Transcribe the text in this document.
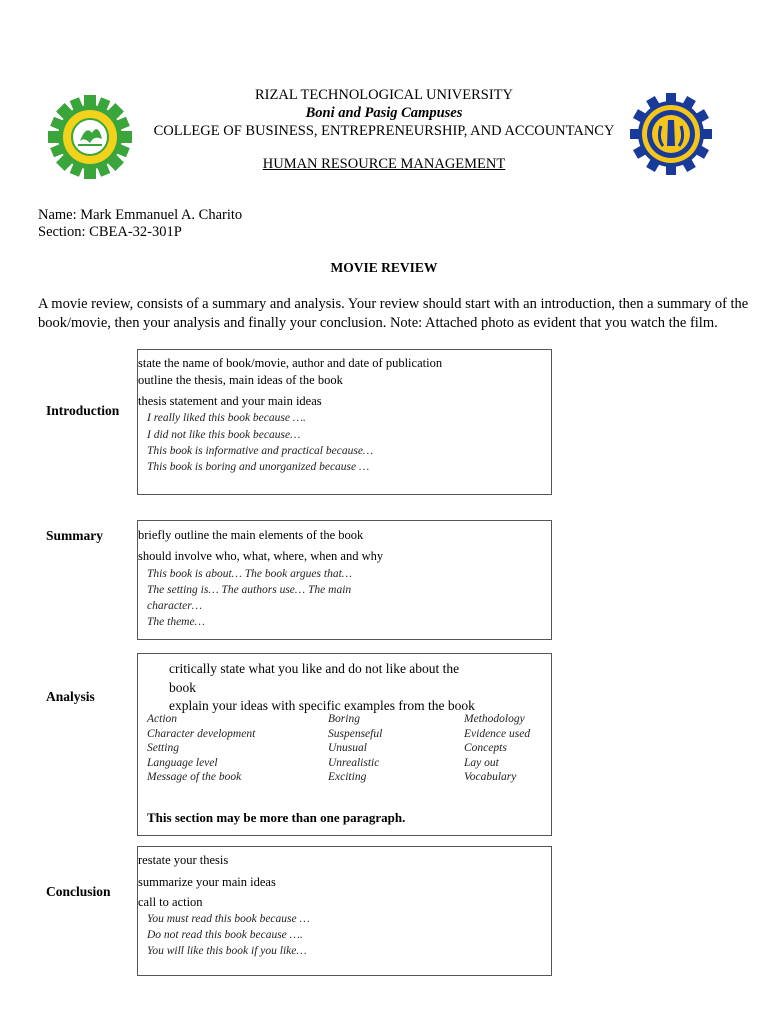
RIZAL TECHNOLOGICAL UNIVERSITY
Boni and Pasig Campuses
COLLEGE OF BUSINESS, ENTREPRENEURSHIP, AND ACCOUNTANCY
HUMAN RESOURCE MANAGEMENT
Name: Mark Emmanuel A. Charito
Section: CBEA-32-301P
MOVIE REVIEW
A movie review, consists of a summary and analysis. Your review should start with an introduction, then a summary of the book/movie, then your analysis and finally your conclusion. Note: Attached photo as evident that you watch the film.
Introduction
state the name of book/movie, author and date of publication
outline the thesis, main ideas of the book
thesis statement and your main ideas
I really liked this book because ….
I did not like this book because…
This book is informative and practical because…
This book is boring and unorganized because …
Summary	briefly outline the main elements of the book
should involve who, what, where, when and why
This book is about… The book argues that…
The setting is… The authors use… The main
character…
The theme…
Analysis
critically state what you like and do not like about the
book
explain your ideas with specific examples from the book
Action
Character development
Setting
Language level
Message of the book
Boring
Suspenseful
Unusual
Unrealistic
Exciting
Methodology
Evidence used
Concepts
Lay out
Vocabulary
This section may be more than one paragraph.
Conclusion
restate your thesis
summarize your main ideas
call to action
You must read this book because …
Do not read this book because ….
You will like this book if you like…
